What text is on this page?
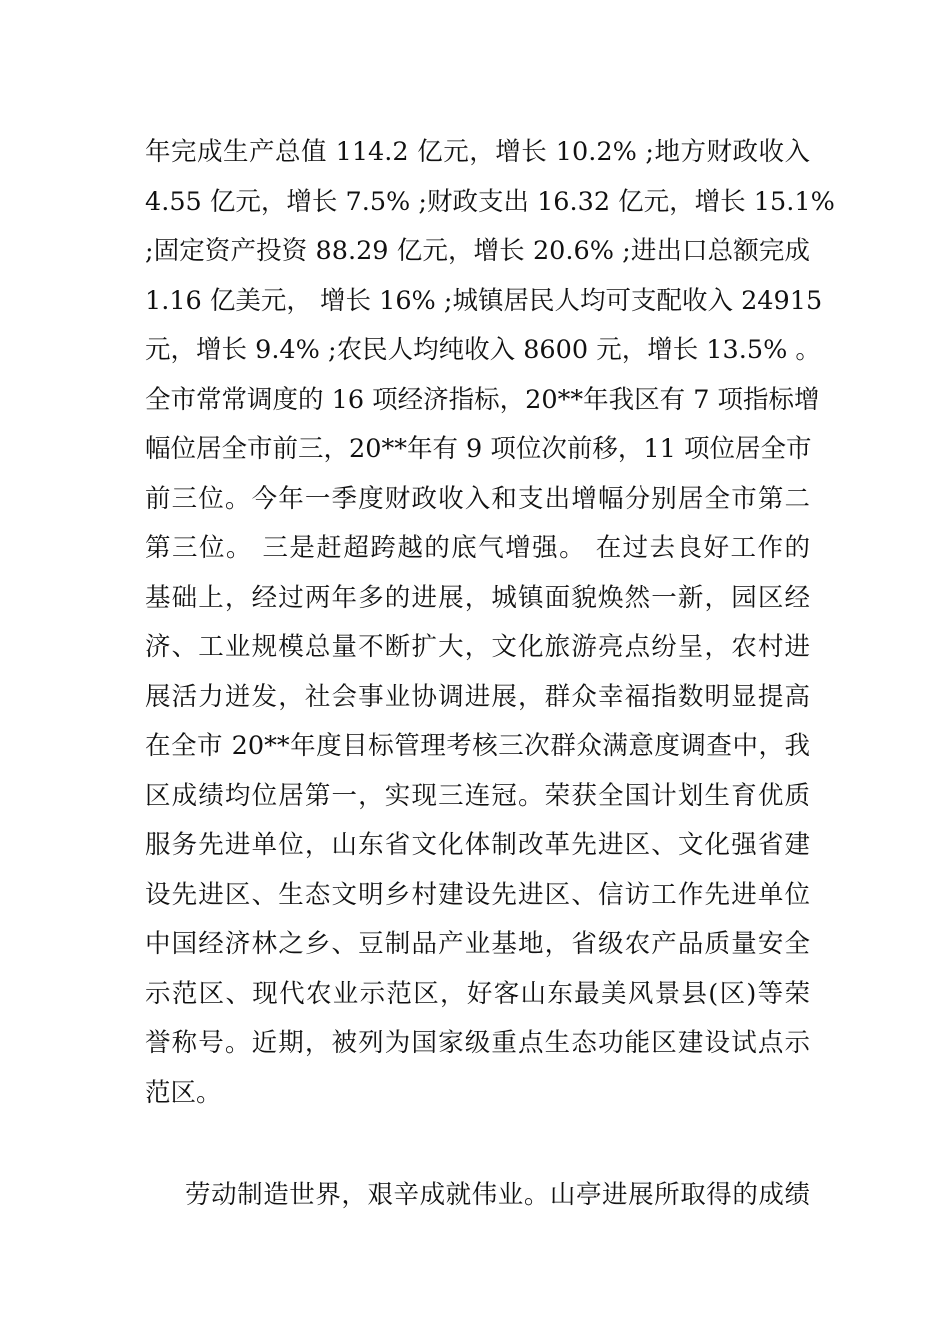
年完成生产总值 114.2 亿元，增长 10.2% ;地方财政收入
4.55 亿元，增长 7.5% ;财政支出 16.32 亿元，增长 15.1%
;固定资产投资 88.29 亿元，增长 20.6% ;进出口总额完成
1.16 亿美元， 增长 16% ;城镇居民人均可支配收入 24915
元，增长 9.4% ;农民人均纯收入 8600 元，增长 13.5% 。
全市常常调度的 16 项经济指标，20**年我区有 7 项指标增
幅位居全市前三，20**年有 9 项位次前移，11 项位居全市
前三位。今年一季度财政收入和支出增幅分别居全市第二
第三位。 三是赶超跨越的底气增强。 在过去良好工作的
基础上，经过两年多的进展，城镇面貌焕然一新，园区经
济、工业规模总量不断扩大，文化旅游亮点纷呈，农村进
展活力迸发，社会事业协调进展，群众幸福指数明显提高
在全市 20**年度目标管理考核三次群众满意度调查中，我
区成绩均位居第一，实现三连冠。荣获全国计划生育优质
服务先进单位，山东省文化体制改革先进区、文化强省建
设先进区、生态文明乡村建设先进区、信访工作先进单位
中国经济林之乡、豆制品产业基地，省级农产品质量安全
示范区、现代农业示范区，好客山东最美风景县(区)等荣
誉称号。近期，被列为国家级重点生态功能区建设试点示
范区。
劳动制造世界，艰辛成就伟业。山亭进展所取得的成绩
